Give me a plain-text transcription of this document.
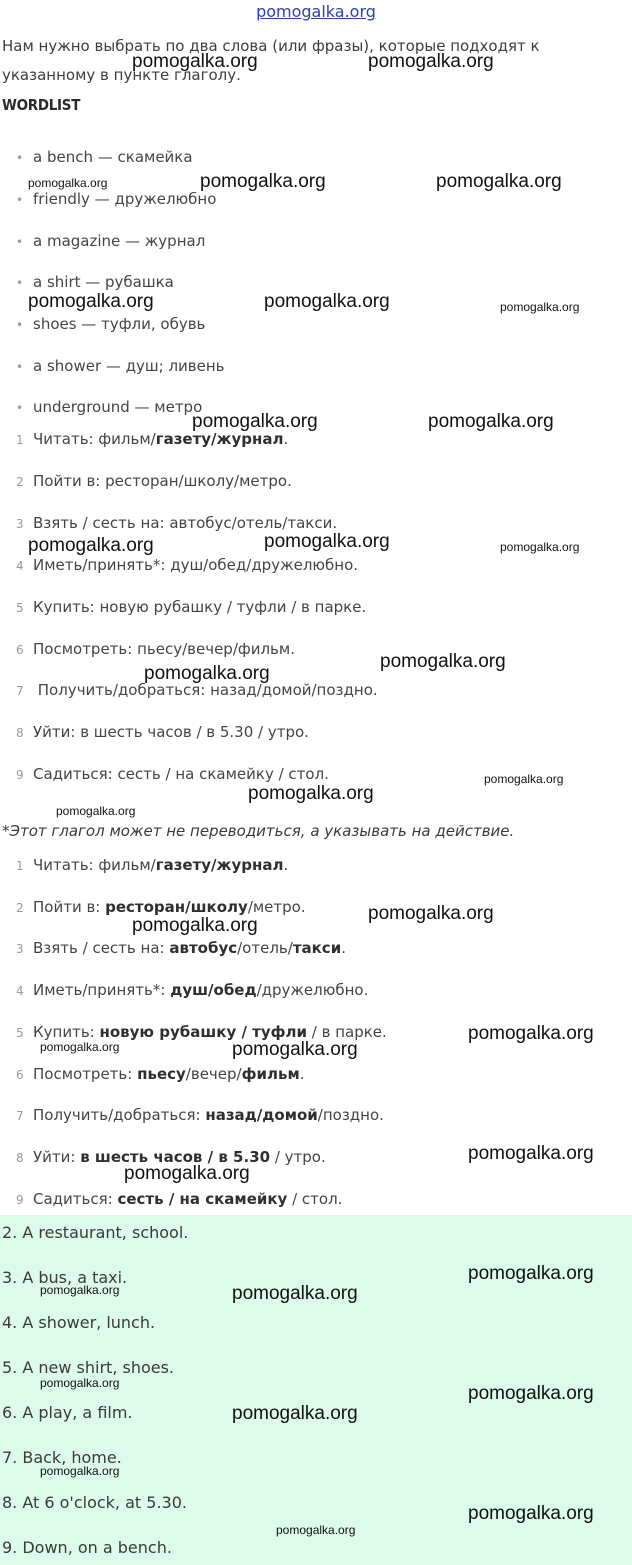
pomogalka.org
Нам нужно выбрать по два слова (или фразы), которые подходят к указанному в пункте глаголу.
WORDLIST
• a bench — скамейка
• friendly — дружелюбно
• a magazine — журнал
• a shirt — рубашка
• shoes — туфли, обувь
• a shower — душ; ливень
• underground — метро
1 Читать: фильм/газету/журнал.
2 Пойти в: ресторан/школу/метро.
3 Взять / сесть на: автобус/отель/такси.
4 Иметь/принять*: душ/обед/дружелюбно.
5 Купить: новую рубашку / туфли / в парке.
6 Посмотреть: пьесу/вечер/фильм.
7 Получить/добраться: назад/домой/поздно.
8 Уйти: в шесть часов / в 5.30 / утро.
9 Садиться: сесть / на скамейку / стол.
*Этот глагол может не переводиться, а указывать на действие.
1 Читать: фильм/газету/журнал.
2 Пойти в: ресторан/школу/метро.
3 Взять / сесть на: автобус/отель/такси.
4 Иметь/принять*: душ/обед/дружелюбно.
5 Купить: новую рубашку / туфли / в парке.
6 Посмотреть: пьесу/вечер/фильм.
7 Получить/добраться: назад/домой/поздно.
8 Уйти: в шесть часов / в 5.30 / утро.
9 Садиться: сесть / на скамейку / стол.
2. A restaurant, school.
3. A bus, a taxi.
4. A shower, lunch.
5. A new shirt, shoes.
6. A play, a film.
7. Back, home.
8. At 6 o'clock, at 5.30.
9. Down, on a bench.
pomogalka.org	pomogalka.org
pomogalka.org	pomogalka.org	pomogalka.org
pomogalka.org	pomogalka.org	pomogalka.org
pomogalka.org	pomogalka.org
pomogalka.org	pomogalka.org	pomogalka.org
pomogalka.org
pomogalka.org
pomogalka.org
pomogalka.org
pomogalka.org
pomogalka.org
pomogalka.org
pomogalka.org
pomogalka.org	pomogalka.org
pomogalka.org
pomogalka.org
pomogalka.org
pomogalka.org	pomogalka.org
pomogalka.org	pomogalka.org
pomogalka.org
pomogalka.org
pomogalka.org
pomogalka.org
